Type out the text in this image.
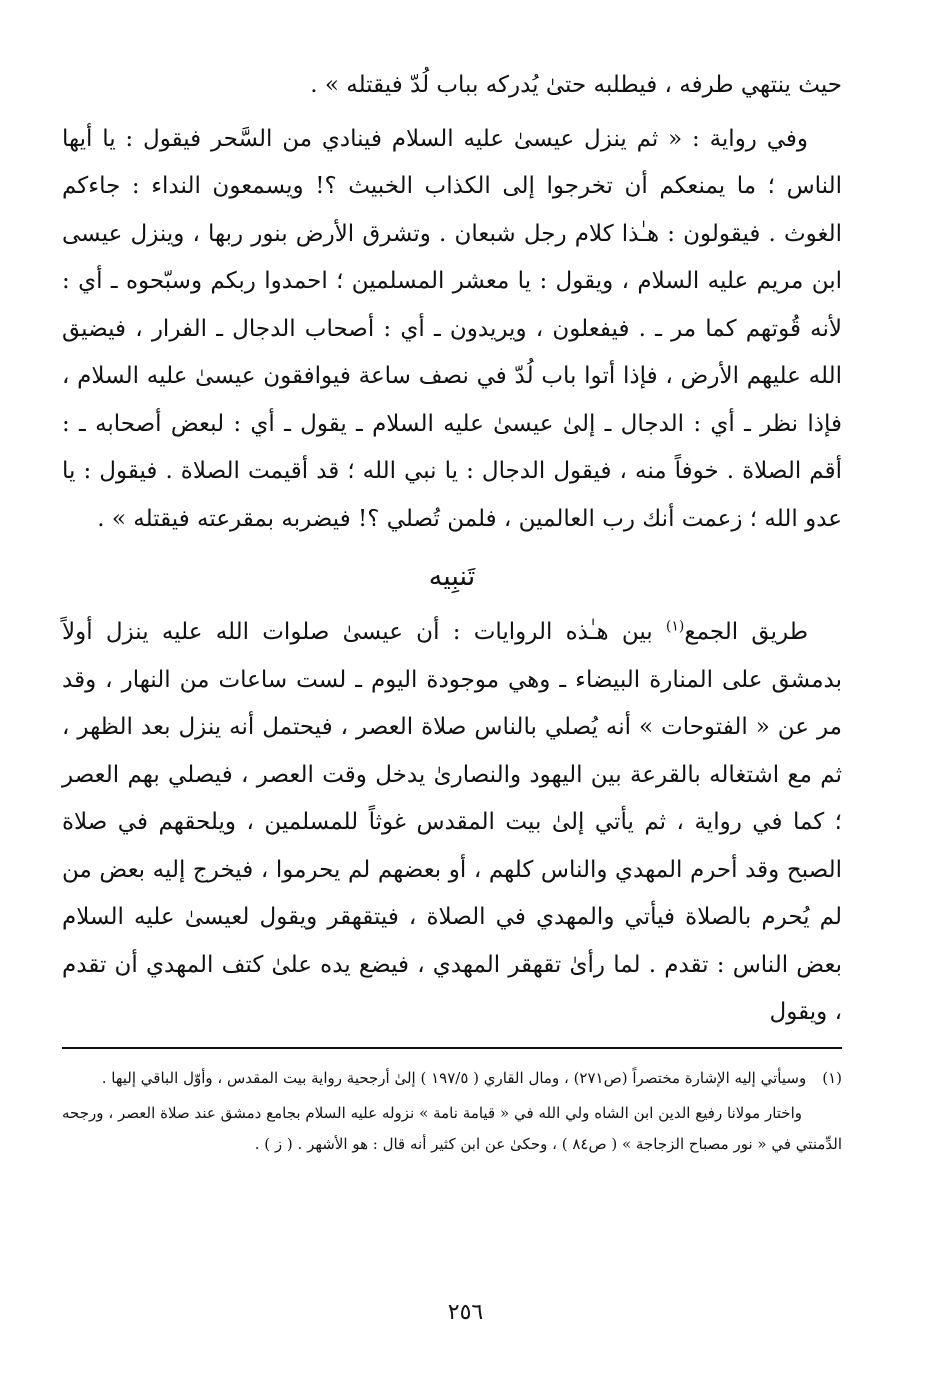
حيث ينتهي طرفه ، فيطلبه حتىٰ يُدركه بباب لُدّ فيقتله » .

وفي رواية : « ثم ينزل عيسىٰ عليه السلام فينادي من السَّحر فيقول : يا أيها الناس ؛ ما يمنعكم أن تخرجوا إلى الكذاب الخبيث ؟! ويسمعون النداء : جاءكم الغوث . فيقولون : هـٰذا كلام رجل شبعان . وتشرق الأرض بنور ربها ، وينزل عيسى ابن مريم عليه السلام ، ويقول : يا معشر المسلمين ؛ احمدوا ربكم وسبّحوه ـ أي : لأنه قُوتهم كما مر ـ . فيفعلون ، ويريدون ـ أي : أصحاب الدجال ـ الفرار ، فيضيق الله عليهم الأرض ، فإذا أتوا باب لُدّ في نصف ساعة فيوافقون عيسىٰ عليه السلام ، فإذا نظر ـ أي : الدجال ـ إلىٰ عيسىٰ عليه السلام ـ يقول ـ أي : لبعض أصحابه ـ : أقم الصلاة . خوفاً منه ، فيقول الدجال : يا نبي الله ؛ قد أقيمت الصلاة . فيقول : يا عدو الله ؛ زعمت أنك رب العالمين ، فلمن تُصلي ؟! فيضربه بمقرعته فيقتله » .

تَنبِيه

طريق الجمع$^{(١)}$ بين هـٰذه الروايات : أن عيسىٰ صلوات الله عليه ينزل أولاً بدمشق على المنارة البيضاء ـ وهي موجودة اليوم ـ لست ساعات من النهار ، وقد مر عن « الفتوحات » أنه يُصلي بالناس صلاة العصر ، فيحتمل أنه ينزل بعد الظهر ، ثم مع اشتغاله بالقرعة بين اليهود والنصارىٰ يدخل وقت العصر ، فيصلي بهم العصر ؛ كما في رواية ، ثم يأتي إلىٰ بيت المقدس غوثاً للمسلمين ، ويلحقهم في صلاة الصبح وقد أحرم المهدي والناس كلهم ، أو بعضهم لم يحرموا ، فيخرج إليه بعض من لم يُحرم بالصلاة فيأتي والمهدي في الصلاة ، فيتقهقر ويقول لعيسىٰ عليه السلام بعض الناس : تقدم . لما رأىٰ تقهقر المهدي ، فيضع يده علىٰ كتف المهدي أن تقدم ، ويقول

(١)
وسيأتي إليه الإشارة مختصراً (ص٢٧١) ، ومال القاري ( ١٩٧/٥ ) إلىٰ أرجحية رواية بيت المقدس ، وأوّل الباقي إليها .

واختار مولانا رفيع الدين ابن الشاه ولي الله في « قيامة نامة » نزوله عليه السلام بجامع دمشق عند صلاة العصر ، ورجحه الدِّمنتي في « نور مصباح الزجاجة » ( ص٨٤ ) ، وحكىٰ عن ابن كثير أنه قال : هو الأشهر . ( ز ) .

٢٥٦
